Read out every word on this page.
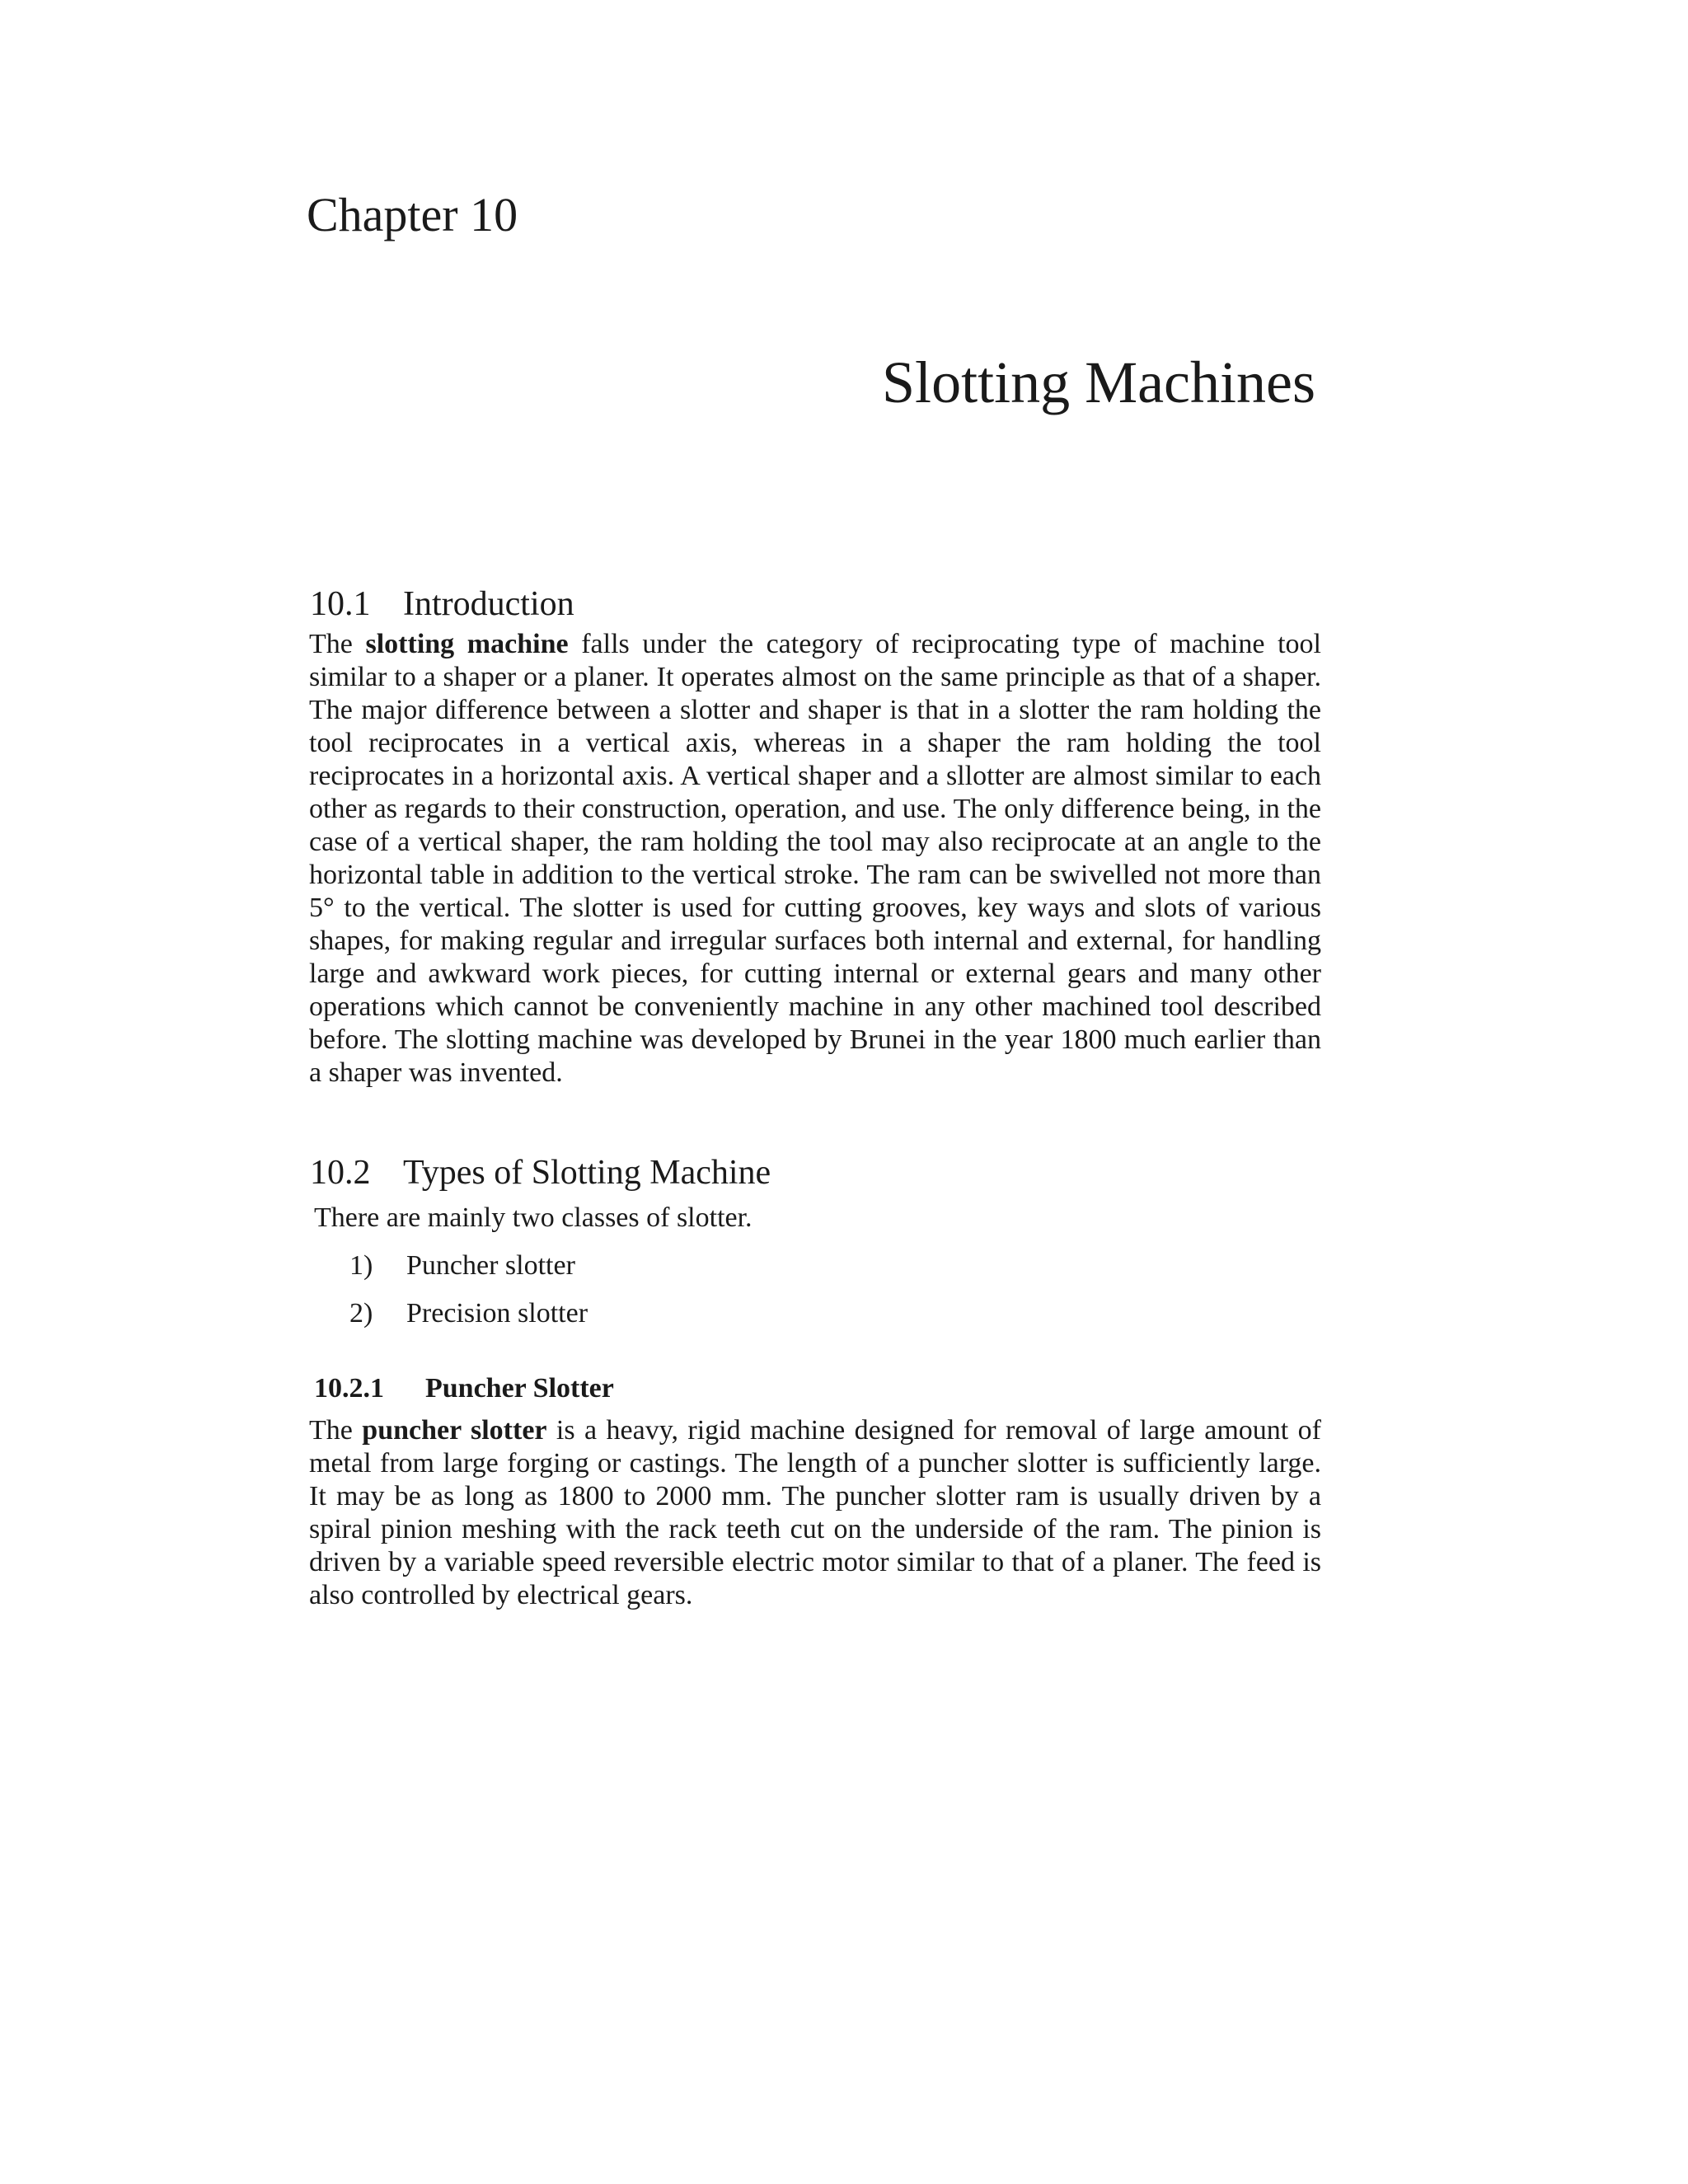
Chapter 10
Slotting Machines
10.1 Introduction

The slotting machine falls under the category of reciprocating type of machine tool similar to a shaper or a planer. It operates almost on the same principle as that of a shaper. The major difference between a slotter and shaper is that in a slotter the ram holding the tool reciprocates in a vertical axis, whereas in a shaper the ram holding the tool reciprocates in a horizontal axis. A vertical shaper and a sllotter are almost similar to each other as regards to their construction, operation, and use. The only difference being, in the case of a vertical shaper, the ram holding the tool may also reciprocate at an angle to the horizontal table in addition to the vertical stroke. The ram can be swivelled not more than 5° to the vertical. The slotter is used for cutting grooves, key ways and slots of various shapes, for making regular and irregular surfaces both internal and external, for handling large and awkward work pieces, for cutting internal or external gears and many other operations which cannot be conveniently machine in any other machined tool described before. The slotting machine was developed by Brunei in the year 1800 much earlier than a shaper was invented.

10.2 Types of Slotting Machine
There are mainly two classes of slotter.
1) Puncher slotter
2) Precision slotter
10.2.1 Puncher Slotter

The puncher slotter is a heavy, rigid machine designed for removal of large amount of metal from large forging or castings. The length of a puncher slotter is sufficiently large. It may be as long as 1800 to 2000 mm. The puncher slotter ram is usually driven by a spiral pinion meshing with the rack teeth cut on the underside of the ram. The pinion is driven by a variable speed reversible electric motor similar to that of a planer. The feed is also controlled by electrical gears.
